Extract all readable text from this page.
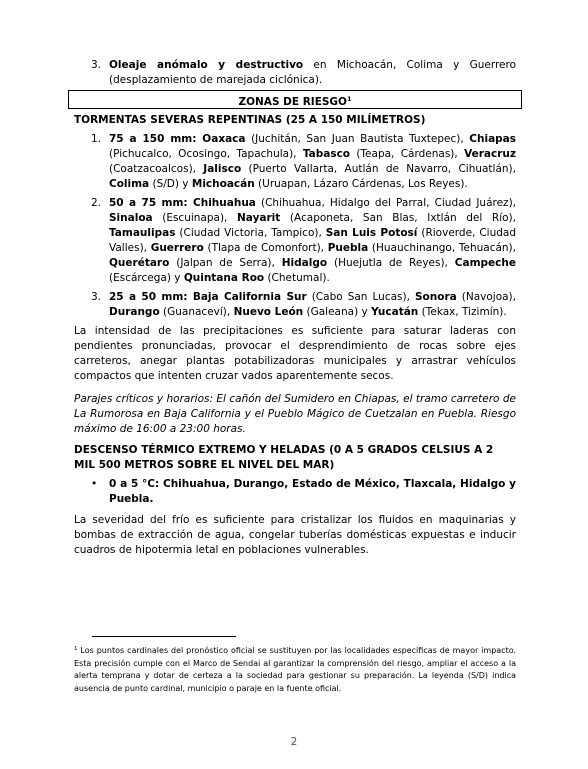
3. Oleaje anómalo y destructivo en Michoacán, Colima y Guerrero (desplazamiento de marejada ciclónica).
ZONAS DE RIESGO$^1$
TORMENTAS SEVERAS REPENTINAS (25 A 150 MILÍMETROS)
1. 75 a 150 mm: Oaxaca (Juchitán, San Juan Bautista Tuxtepec), Chiapas (Pichucalco, Ocosingo, Tapachula), Tabasco (Teapa, Cárdenas), Veracruz (Coatzacoalcos), Jalisco (Puerto Vallarta, Autlán de Navarro, Cihuatlán), Colima (S/D) y Michoacán (Uruapan, Lázaro Cárdenas, Los Reyes).
2. 50 a 75 mm: Chihuahua (Chihuahua, Hidalgo del Parral, Ciudad Juárez), Sinaloa (Escuinapa), Nayarit (Acaponeta, San Blas, Ixtlán del Río), Tamaulipas (Ciudad Victoria, Tampico), San Luis Potosí (Rioverde, Ciudad Valles), Guerrero (Tlapa de Comonfort), Puebla (Huauchinango, Tehuacán), Querétaro (Jalpan de Serra), Hidalgo (Huejutla de Reyes), Campeche (Escárcega) y Quintana Roo (Chetumal).
3. 25 a 50 mm: Baja California Sur (Cabo San Lucas), Sonora (Navojoa), Durango (Guanaceví), Nuevo León (Galeana) y Yucatán (Tekax, Tizimín).

La intensidad de las precipitaciones es suficiente para saturar laderas con pendientes pronunciadas, provocar el desprendimiento de rocas sobre ejes carreteros, anegar plantas potabilizadoras municipales y arrastrar vehículos compactos que intenten cruzar vados aparentemente secos.

Parajes críticos y horarios: El cañón del Sumidero en Chiapas, el tramo carretero de La Rumorosa en Baja California y el Pueblo Mágico de Cuetzalan en Puebla. Riesgo máximo de 16:00 a 23:00 horas.

DESCENSO TÉRMICO EXTREMO Y HELADAS (0 A 5 GRADOS CELSIUS A 2 MIL 500 METROS SOBRE EL NIVEL DEL MAR)
•	0 a 5 °C: Chihuahua, Durango, Estado de México, Tlaxcala, Hidalgo y Puebla.

La severidad del frío es suficiente para cristalizar los fluidos en maquinarias y bombas de extracción de agua, congelar tuberías domésticas expuestas e inducir cuadros de hipotermia letal en poblaciones vulnerables.

$^1$ Los puntos cardinales del pronóstico oficial se sustituyen por las localidades específicas de mayor impacto. Esta precisión cumple con el Marco de Sendai al garantizar la comprensión del riesgo, ampliar el acceso a la alerta temprana y dotar de certeza a la sociedad para gestionar su preparación. La leyenda (S/D) indica ausencia de punto cardinal, municipio o paraje en la fuente oficial.
2
